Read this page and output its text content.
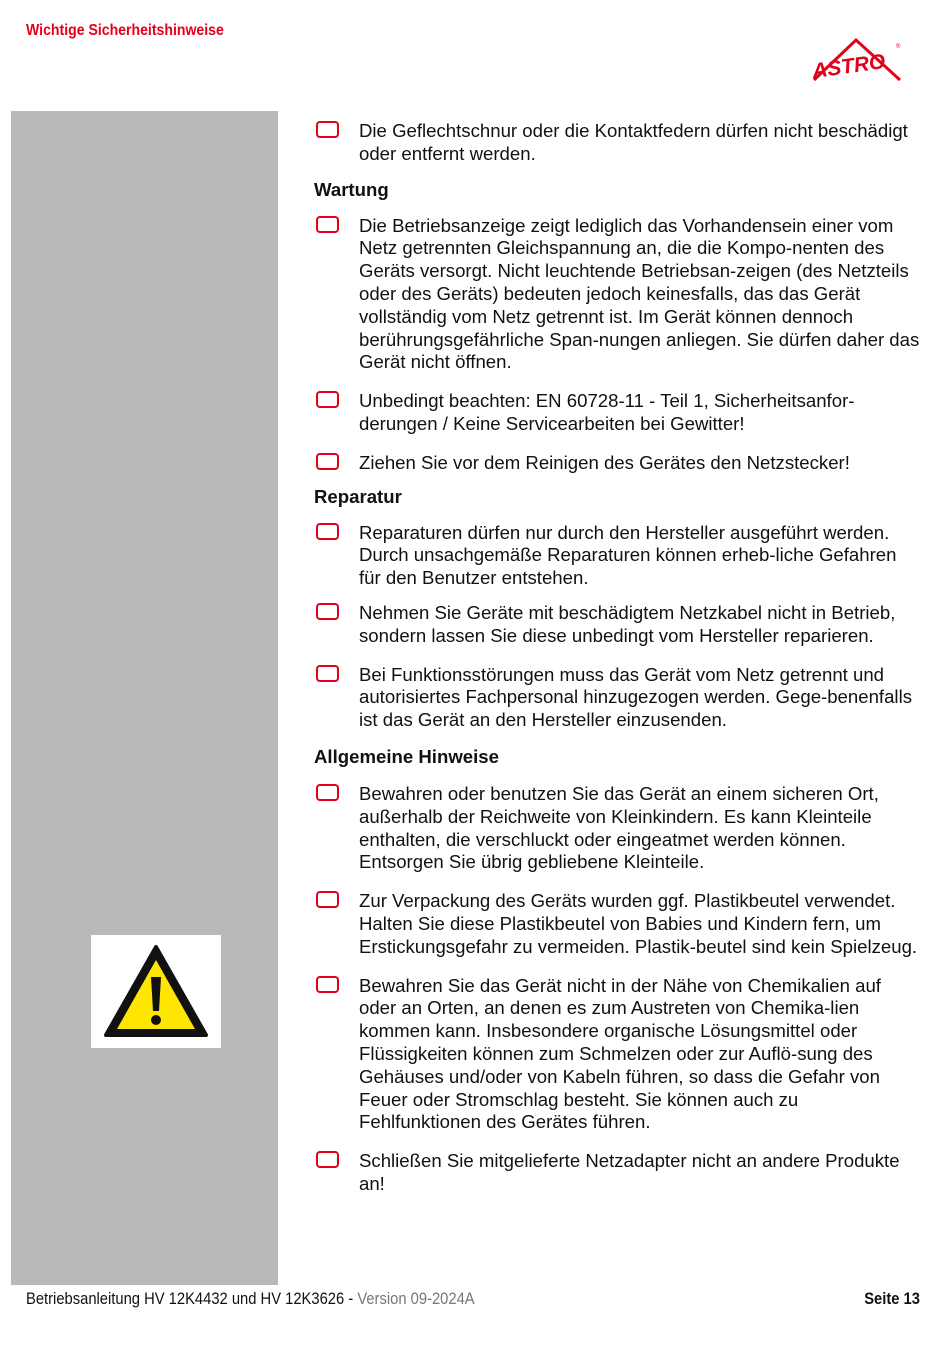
Wichtige Sicherheitshinweise
ASTRO
®
Die Geflechtschnur oder die Kontaktfedern dürfen nicht beschädigt oder entfernt werden.
Wartung
Die Betriebsanzeige zeigt lediglich das Vorhandensein einer vom Netz getrennten Gleichspannung an, die die Kompo-nenten des Geräts versorgt. Nicht leuchtende Betriebsan-zeigen (des Netzteils oder des Geräts) bedeuten jedoch keinesfalls, das das Gerät vollständig vom Netz getrennt ist. Im Gerät können dennoch berührungsgefährliche Span-nungen anliegen. Sie dürfen daher das Gerät nicht öffnen.
Unbedingt beachten: EN 60728-11 - Teil 1, Sicherheitsanfor-derungen / Keine Servicearbeiten bei Gewitter!
Ziehen Sie vor dem Reinigen des Gerätes den Netzstecker!
Reparatur
Reparaturen dürfen nur durch den Hersteller ausgeführt werden. Durch unsachgemäße Reparaturen können erheb-liche Gefahren für den Benutzer entstehen.
Nehmen Sie Geräte mit beschädigtem Netzkabel nicht in Betrieb, sondern lassen Sie diese unbedingt vom Hersteller reparieren.
Bei Funktionsstörungen muss das Gerät vom Netz getrennt und autorisiertes Fachpersonal hinzugezogen werden. Gege-benenfalls ist das Gerät an den Hersteller einzusenden.
Allgemeine Hinweise
Bewahren oder benutzen Sie das Gerät an einem sicheren Ort, außerhalb der Reichweite von Kleinkindern. Es kann Kleinteile enthalten, die verschluckt oder eingeatmet werden können. Entsorgen Sie übrig gebliebene Kleinteile.
Zur Verpackung des Geräts wurden ggf. Plastikbeutel verwendet. Halten Sie diese Plastikbeutel von Babies und Kindern fern, um Erstickungsgefahr zu vermeiden. Plastik-beutel sind kein Spielzeug.
Bewahren Sie das Gerät nicht in der Nähe von Chemikalien auf oder an Orten, an denen es zum Austreten von Chemika-lien kommen kann. Insbesondere organische Lösungsmittel oder Flüssigkeiten können zum Schmelzen oder zur Auflö-sung des Gehäuses und/oder von Kabeln führen, so dass die Gefahr von Feuer oder Stromschlag besteht. Sie können auch zu Fehlfunktionen des Gerätes führen.
Schließen Sie mitgelieferte Netzadapter nicht an andere Produkte an!
Betriebsanleitung HV 12K4432 und HV 12K3626 - Version 09-2024A	Seite 13
